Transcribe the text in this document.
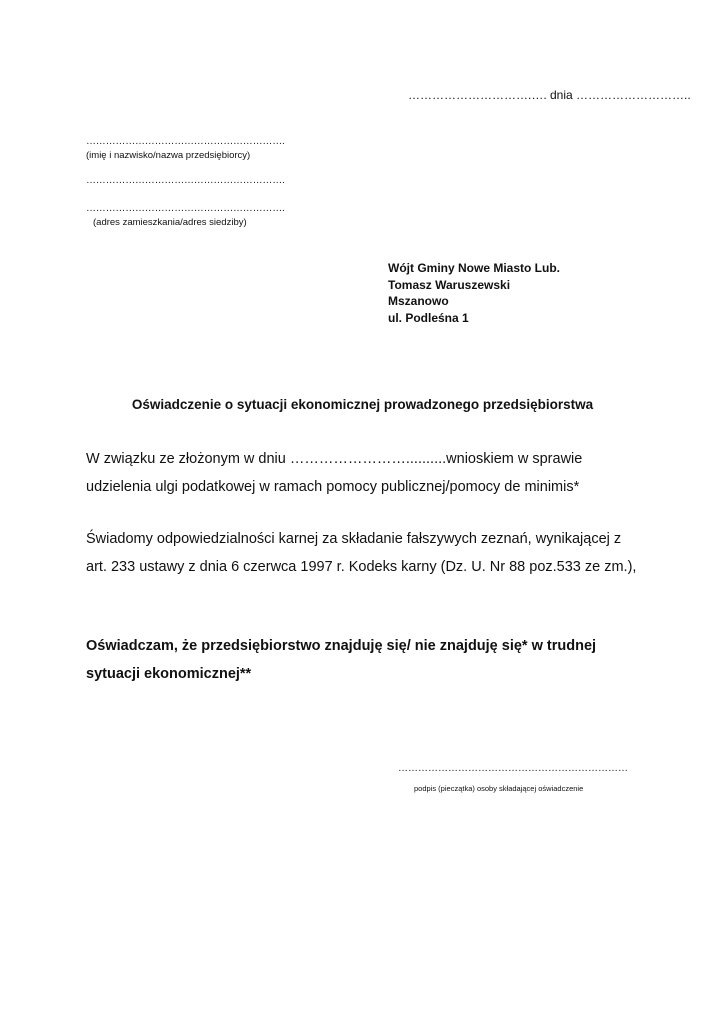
………………………….…. dnia ………………………..
…………………………………………………….
(imię i nazwisko/nazwa przedsiębiorcy)
…………………………………………………….
…………………………………………………….
(adres zamieszkania/adres siedziby)
Wójt Gminy Nowe Miasto Lub.
Tomasz Waruszewski
Mszanowo
ul. Podleśna 1
Oświadczenie o sytuacji ekonomicznej prowadzonego przedsiębiorstwa
W związku ze złożonym w dniu ……………………..........wnioskiem w sprawie udzielenia ulgi podatkowej w ramach pomocy publicznej/pomocy de minimis*
Świadomy odpowiedzialności karnej za składanie fałszywych zeznań, wynikającej z art. 233 ustawy z dnia 6 czerwca 1997 r. Kodeks karny (Dz. U. Nr 88 poz.533 ze zm.),
Oświadczam, że przedsiębiorstwo znajduję się/ nie znajduję się* w trudnej sytuacji ekonomicznej**
……………………………………………………………
podpis (pieczątka) osoby składającej oświadczenie
